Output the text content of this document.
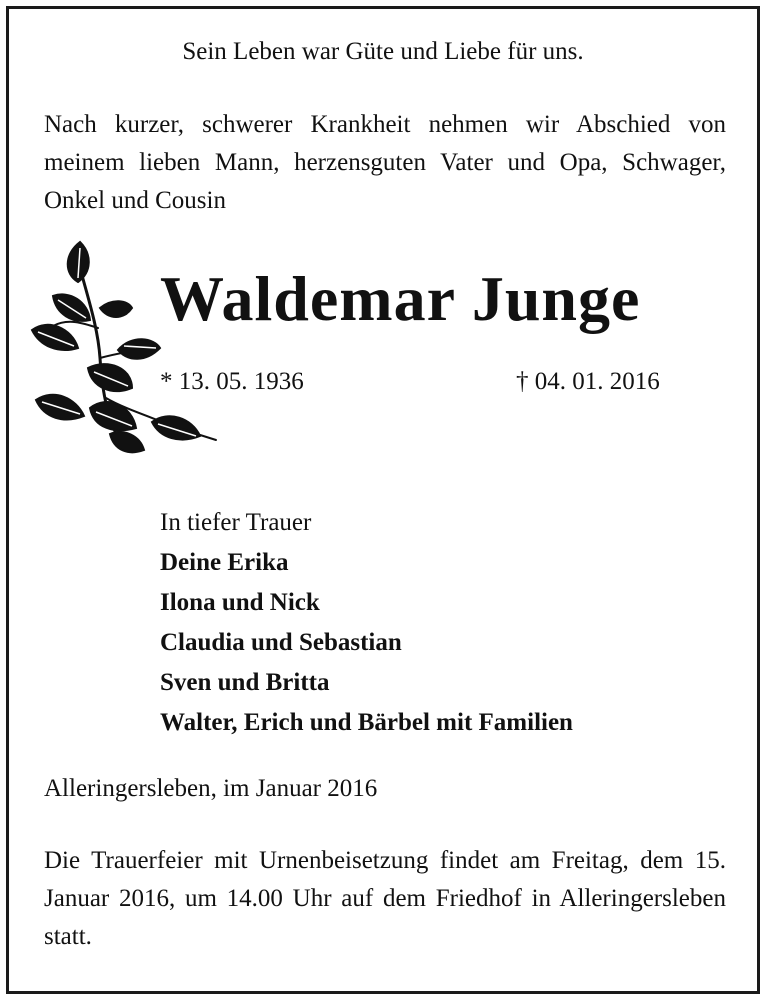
Sein Leben war Güte und Liebe für uns.
Nach kurzer, schwerer Krankheit nehmen wir Abschied von meinem lieben Mann, herzensguten Vater und Opa, Schwager, Onkel und Cousin
Waldemar Junge
* 13. 05. 1936	† 04. 01. 2016
In tiefer Trauer
Deine Erika
Ilona und Nick
Claudia und Sebastian
Sven und Britta
Walter, Erich und Bärbel mit Familien
Alleringersleben, im Januar 2016
Die Trauerfeier mit Urnenbeisetzung findet am Freitag, dem 15. Januar 2016, um 14.00 Uhr auf dem Friedhof in Alleringersleben statt.
